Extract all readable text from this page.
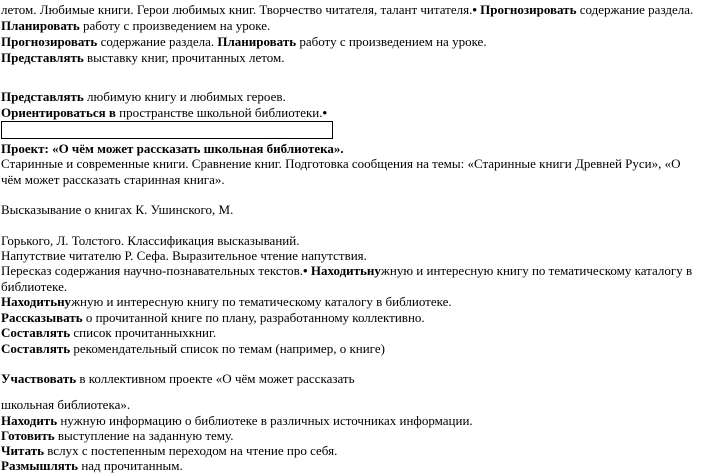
летом. Любимые книги. Герои любимых книг. Творчество читателя, талант читателя.• Прогнозировать содержание раздела.
Планировать работу с произведением на уроке.
Прогнозировать содержание раздела. Планировать работу с произведением на уроке.
Представлять выставку книг, прочитанных летом.
Представлять любимую книгу и любимых героев.
Ориентироваться в пространстве школьной библиотеки.•
Проект: «О чём может рассказать школьная библиотека».
Старинные и современные книги. Сравнение книг. Подготовка сообщения на темы: «Старинные книги Древней Руси», «О чём может рассказать старинная книга».
Высказывание о книгах К. Ушинского, М.
Горького, Л. Толстого. Классификация высказываний.
Напутствие читателю Р. Сефа. Выразительное чтение напутствия.
Пересказ содержания научно-познавательных текстов.• Находитьнужную и интересную книгу по тематическому каталогу в библиотеке.
Находитьнужную и интересную книгу по тематическому каталогу в библиотеке.
Рассказывать о прочитанной книге по плану, разработанному коллективно.
Составлять список прочитанныхкниг.
Составлять рекомендательный список по темам (например, о книге)
Участвовать в коллективном проекте «О чём может рассказать
школьная библиотека».
Находить нужную информацию о библиотеке в различных источниках информации.
Готовить выступление на заданную тему.
Читать вслух с постепенным переходом на чтение про себя.
Размышлять над прочитанным.
